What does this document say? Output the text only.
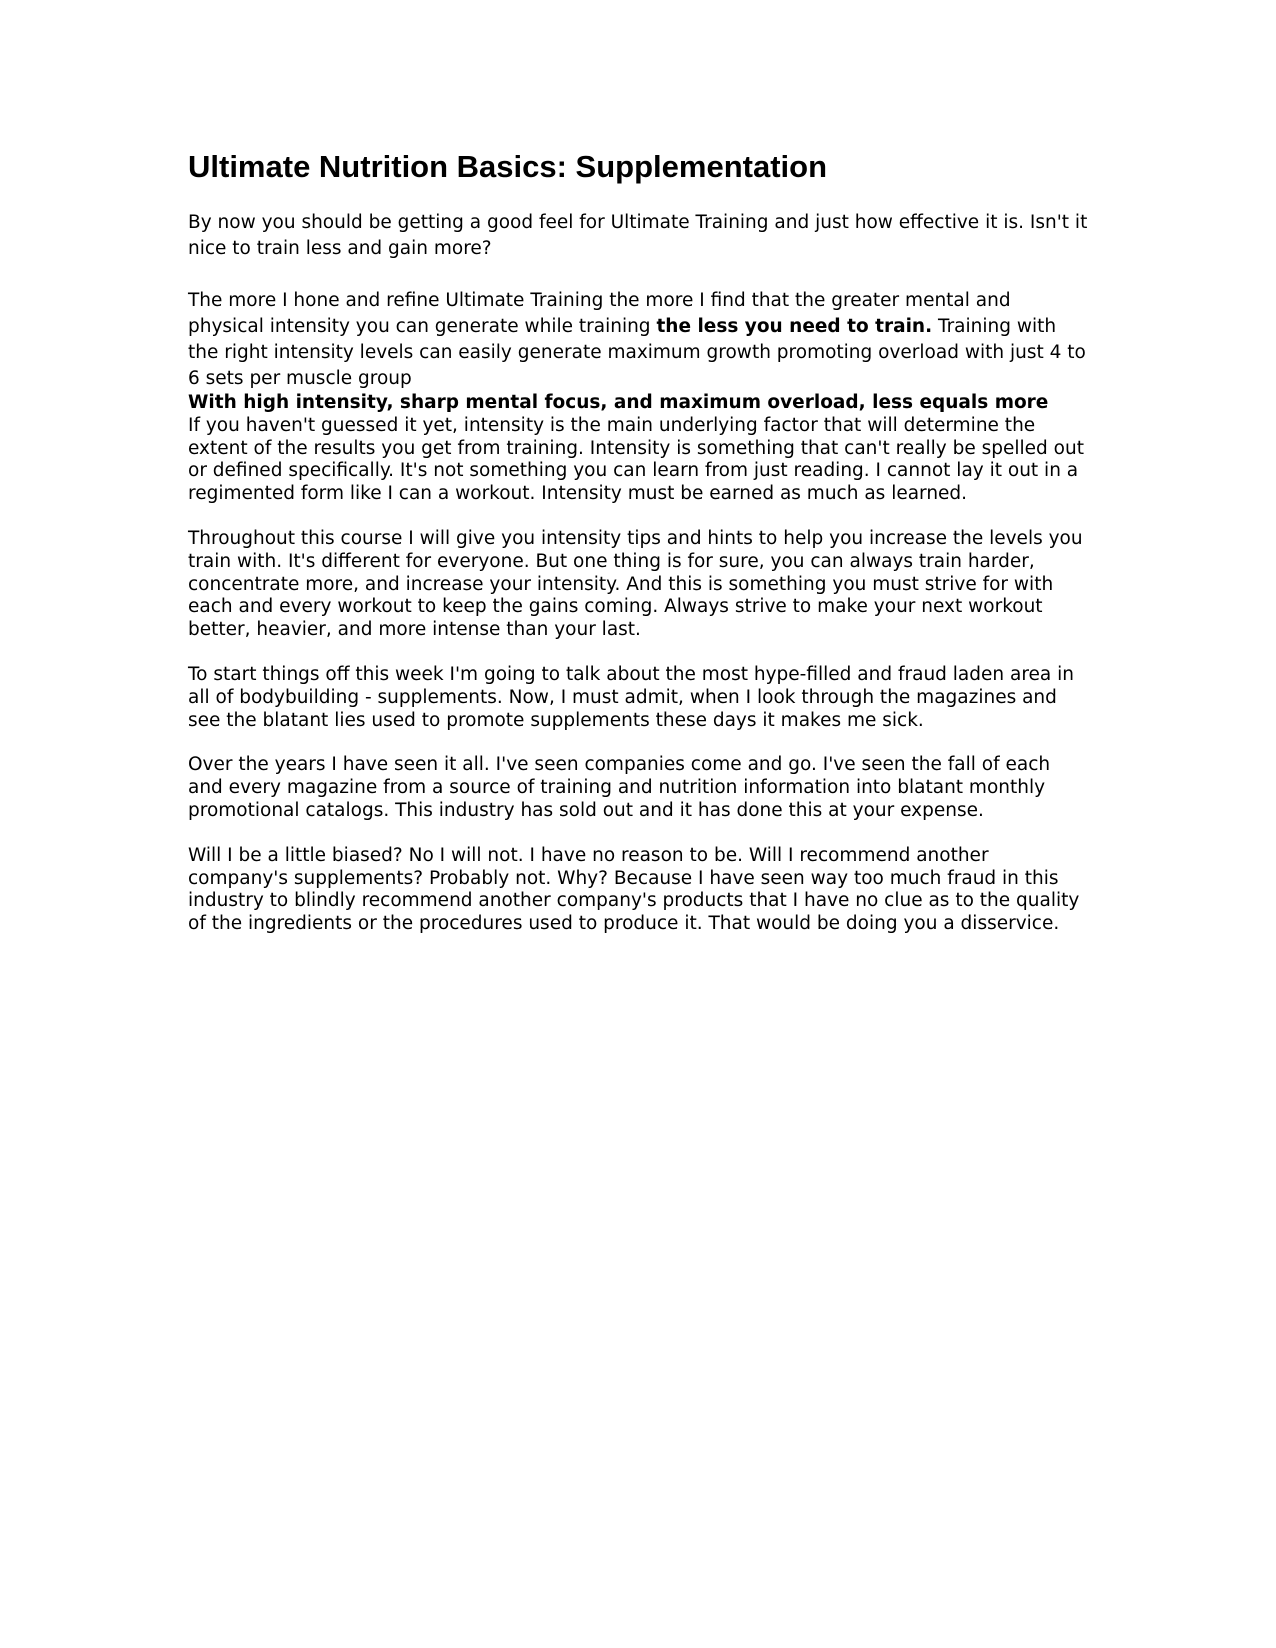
Ultimate Nutrition Basics: Supplementation

By now you should be getting a good feel for Ultimate Training and just how effective it is. Isn't it nice to train less and gain more?

The more I hone and refine Ultimate Training the more I find that the greater mental and physical intensity you can generate while training the less you need to train. Training with the right intensity levels can easily generate maximum growth promoting overload with just 4 to 6 sets per muscle group

With high intensity, sharp mental focus, and maximum overload, less equals more

If you haven't guessed it yet, intensity is the main underlying factor that will determine the extent of the results you get from training. Intensity is something that can't really be spelled out or defined specifically. It's not something you can learn from just reading. I cannot lay it out in a regimented form like I can a workout. Intensity must be earned as much as learned.

Throughout this course I will give you intensity tips and hints to help you increase the levels you train with. It's different for everyone. But one thing is for sure, you can always train harder, concentrate more, and increase your intensity. And this is something you must strive for with each and every workout to keep the gains coming. Always strive to make your next workout better, heavier, and more intense than your last.

To start things off this week I'm going to talk about the most hype-filled and fraud laden area in all of bodybuilding - supplements. Now, I must admit, when I look through the magazines and see the blatant lies used to promote supplements these days it makes me sick.

Over the years I have seen it all. I've seen companies come and go. I've seen the fall of each and every magazine from a source of training and nutrition information into blatant monthly promotional catalogs. This industry has sold out and it has done this at your expense.

Will I be a little biased? No I will not. I have no reason to be. Will I recommend another company's supplements? Probably not. Why? Because I have seen way too much fraud in this industry to blindly recommend another company's products that I have no clue as to the quality of the ingredients or the procedures used to produce it. That would be doing you a disservice.
